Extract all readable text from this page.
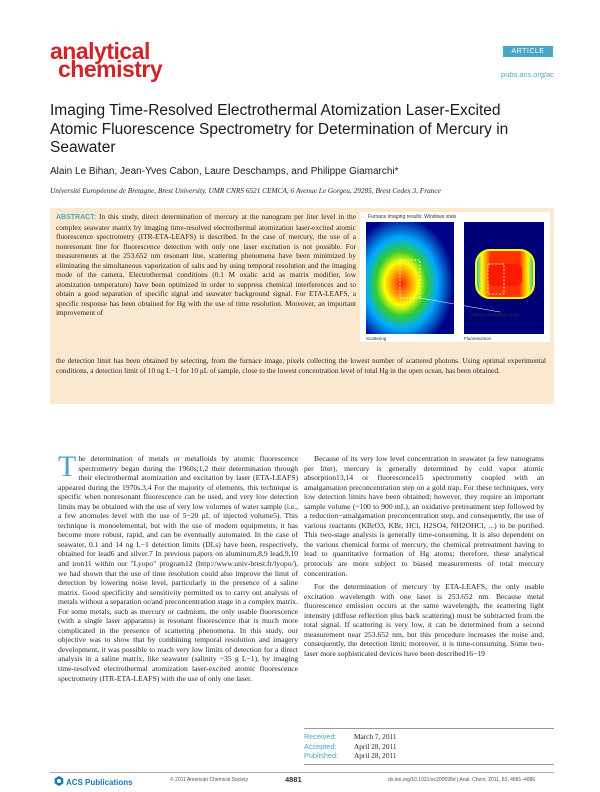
analytical
chemistry
ARTICLE
pubs.acs.org/ac
Imaging Time-Resolved Electrothermal Atomization Laser-Excited Atomic Fluorescence Spectrometry for Determination of Mercury in Seawater
Alain Le Bihan, Jean-Yves Cabon, Laure Deschamps, and Philippe Giamarchi*
Université Européenne de Bretagne, Brest University, UMR CNRS 6521 CEMCA, 6 Avenue Le Gorgeu, 29285, Brest Cedex 3, France

ABSTRACT: In this study, direct determination of mercury at the nanogram per liter level in the complex seawater matrix by imaging time-resolved electrothermal atomization laser-excited atomic fluorescence spectrometry (ITR-ETA-LEAFS) is described. In the case of mercury, the use of a nonresonant line for fluorescence detection with only one laser excitation is not possible. For measurements at the 253.652 nm resonant line, scattering phenomena have been minimized by eliminating the simultaneous vaporization of salts and by using temporal resolution and the imaging mode of the camera. Electrothermal conditions (0.1 M oxalic acid as matrix modifier, low atomization temperature) have been optimized in order to suppress chemical interferences and to obtain a good separation of specific signal and seawater background signal. For ETA-LEAFS, a specific response has been obtained for Hg with the use of time resolution. Moreover, an important improvement of

Furnace imaging results: Windows stats
Optimal integration zone
Scattering	Fluorescence

the detection limit has been obtained by selecting, from the furnace image, pixels collecting the lowest number of scattered photons. Using optimal experimental conditions, a detection limit of 10 ng L−1 for 10 μL of sample, close to the lowest concentration level of total Hg in the open ocean, has been obtained.

The determination of metals or metalloids by atomic fluorescence spectrometry began during the 1960s;1,2 their determination through their electrothermal atomization and excitation by laser (ETA-LEAFS) appeared during the 1970s.3,4 For the majority of elements, this technique is specific when nonresonant fluorescence can be used, and very low detection limits may be obtained with the use of very low volumes of water sample (i.e., a few attomoles level with the use of 5−20 μL of injected volume5). This technique is monoelemental, but with the use of modern equipments, it has become more robust, rapid, and can be eventually automated. In the case of seawater, 0.1 and 14 ng L−1 detection limits (DLs) have been, respectively, obtained for lead6 and silver.7 In previous papers on aluminum,8,9 lead,9,10 and iron11 within our "Lyopo" program12 (http://www.univ-brest.fr/lyopo/), we had shown that the use of time resolution could also improve the limit of detection by lowering noise level, particularly in the presence of a saline matrix. Good specificity and sensitivity permitted us to carry out analysis of metals without a separation or/and preconcentration stage in a complex matrix. For some metals, such as mercury or cadmium, the only usable fluorescence (with a single laser apparatus) is resonant fluorescence that is much more complicated in the presence of scattering phenomena. In this study, our objective was to show that by combining temporal resolution and imagery development, it was possible to reach very low limits of detection for a direct analysis in a saline matrix, like seawater (salinity ~35 g L−1), by imaging time-resolved electrothermal atomization laser-excited atomic fluorescence spectrometry (ITR-ETA-LEAFS) with the use of only one laser.

Because of its very low level concentration in seawater (a few nanograms per liter), mercury is generally determined by cold vapor atomic absorption13,14 or fluorescence15 spectrometry coupled with an amalgamation preconcentration step on a gold trap. For these techniques, very low detection limits have been obtained; however, they require an important sample volume (~100 to 900 mL), an oxidative pretreatment step followed by a reduction−amalgamation preconcentration step, and consequently, the use of various reactants (KBrO3, KBr, HCl, H2SO4, NH2OHCl, ...) to be purified. This two-stage analysis is generally time-consuming. It is also dependent on the various chemical forms of mercury, the chemical pretreatment having to lead to quantitative formation of Hg atoms; therefore, these analytical protocols are more subject to biased measurements of total mercury concentration.

For the determination of mercury by ETA-LEAFS, the only usable excitation wavelength with one laser is 253.652 nm. Because metal fluorescence emission occurs at the same wavelength, the scattering light intensity (diffuse reflection plus back scattering) must be subtracted from the total signal. If scattering is very low, it can be determined from a second measurement near 253.652 nm, but this procedure increases the noise and, consequently, the detection limit; moreover, it is time-consuming. Some two-laser more sophisticated devices have been described16−19

Received: March 7, 2011
Accepted: April 28, 2011
Published: April 28, 2011
ACS Publications	© 2011 American Chemical Society	4881	dx.doi.org/10.1021/ac200598d | Anal. Chem. 2011, 83, 4881–4886
